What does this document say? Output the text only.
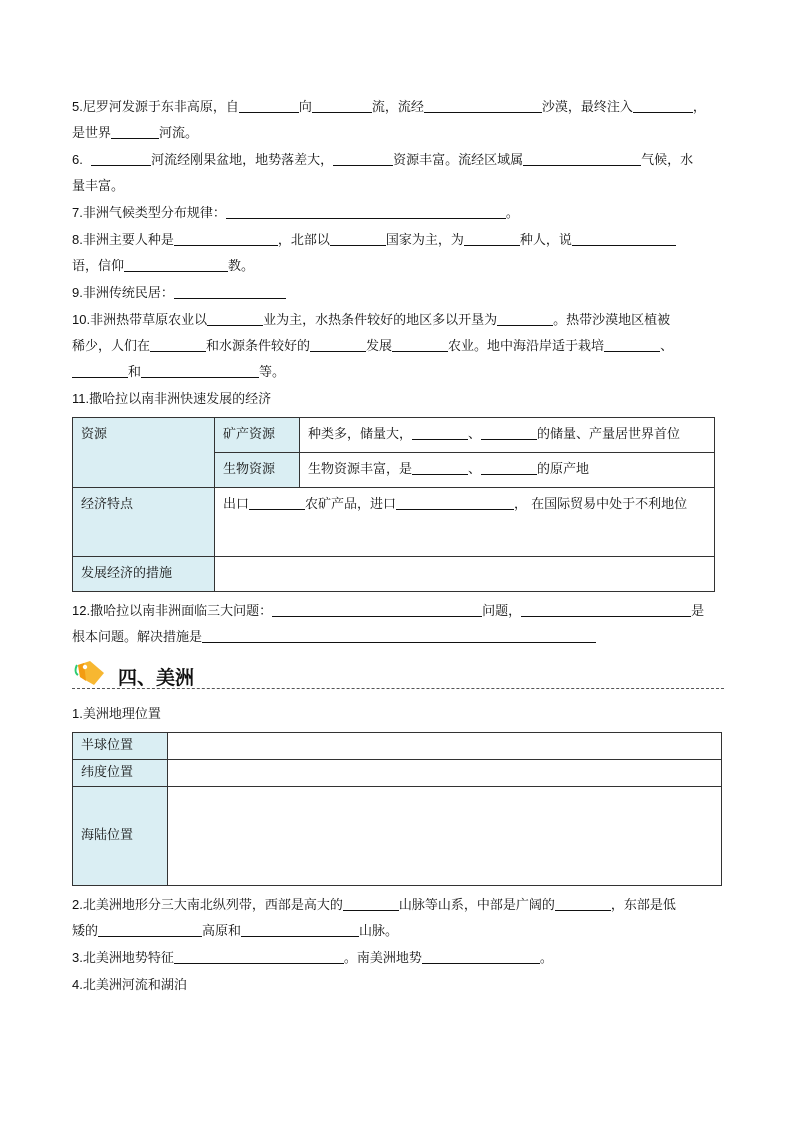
5.尼罗河发源于东非高原，自	向	流，流经	沙漠，最终注入	，
是世界	河流。

6.	河流经刚果盆地，地势落差大，	资源丰富。流经区域属	气候，水
量丰富。

7.非洲气候类型分布规律：	。

8.非洲主要人种是	，北部以	国家为主，为	种人，说
语，信仰	教。

9.非洲传统民居：

10.非洲热带草原农业以	业为主，水热条件较好的地区多以开垦为	。热带沙漠地区植被
稀少，人们在	和水源条件较好的	发展	农业。地中海沿岸适于栽培	、
和	等。

11.撒哈拉以南非洲快速发展的经济

资源	矿产资源	种类多，储量大， 、 的储量、产量居世界首位
	生物资源	生物资源丰富，是 、 的原产地
经济特点	出口 农矿产品，进口 ， 在国际贸易中处于不利地位	
发展经济的措施		

12.撒哈拉以南非洲面临三大问题：	问题，	是
根本问题。解决措施是

四、美洲

1.美洲地理位置

半球位置	
纬度位置	
海陆位置	

2.北美洲地形分三大南北纵列带，西部是高大的	山脉等山系，中部是广阔的	，东部是低
矮的	高原和	山脉。

3.北美洲地势特征	。南美洲地势	。

4.北美洲河流和湖泊
